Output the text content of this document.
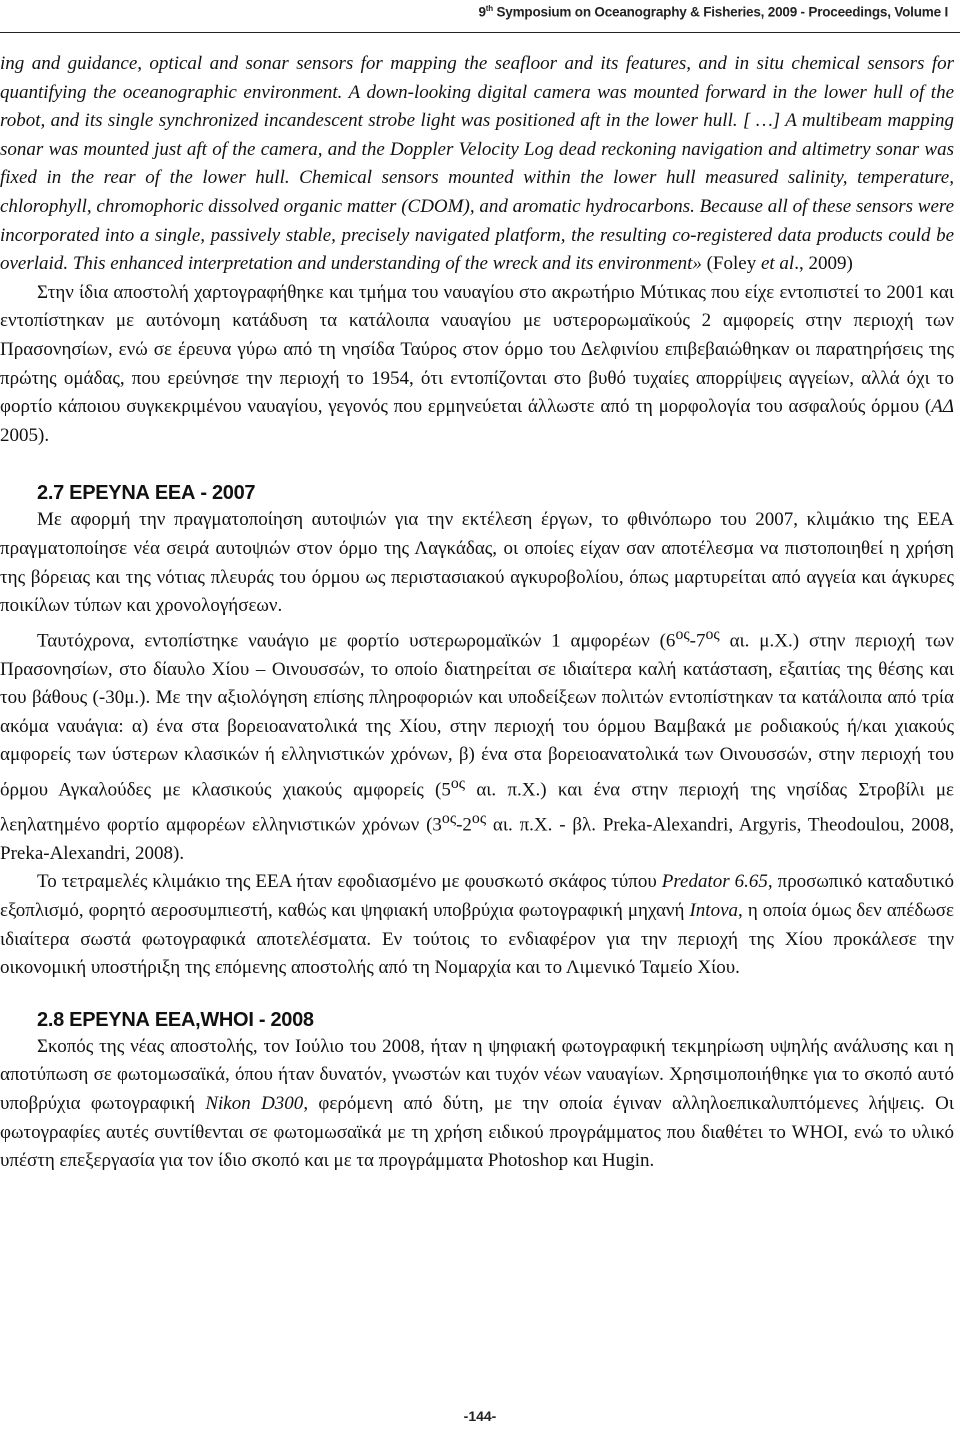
9th Symposium on Oceanography & Fisheries, 2009 - Proceedings, Volume I

ing and guidance, optical and sonar sensors for mapping the seafloor and its features, and in situ chemical sensors for quantifying the oceanographic environment. A down-looking digital camera was mounted forward in the lower hull of the robot, and its single synchronized incandescent strobe light was positioned aft in the lower hull. [ …] A multibeam mapping sonar was mounted just aft of the camera, and the Doppler Velocity Log dead reckoning navigation and altimetry sonar was fixed in the rear of the lower hull. Chemical sensors mounted within the lower hull measured salinity, temperature, chlorophyll, chromophoric dissolved organic matter (CDOM), and aromatic hydrocarbons. Because all of these sensors were incorporated into a single, passively stable, precisely navigated platform, the resulting co-registered data products could be overlaid. This enhanced interpretation and understanding of the wreck and its environment» (Foley et al., 2009)

Στην ίδια αποστολή χαρτογραφήθηκε και τμήμα του ναυαγίου στο ακρωτήριο Μύτικας που είχε εντοπιστεί το 2001 και εντοπίστηκαν με αυτόνομη κατάδυση τα κατάλοιπα ναυαγίου με υστερορωμαϊκούς 2 αμφορείς στην περιοχή των Πρασονησίων, ενώ σε έρευνα γύρω από τη νησίδα Ταύρος στον όρμο του Δελφινίου επιβεβαιώθηκαν οι παρατηρήσεις της πρώτης ομάδας, που ερεύνησε την περιοχή το 1954, ότι εντοπίζονται στο βυθό τυχαίες απορρίψεις αγγείων, αλλά όχι το φορτίο κάποιου συγκεκριμένου ναυαγίου, γεγονός που ερμηνεύεται άλλωστε από τη μορφολογία του ασφαλούς όρμου (ΑΔ 2005).

2.7 ΕΡΕΥΝΑ ΕΕΑ - 2007

Με αφορμή την πραγματοποίηση αυτοψιών για την εκτέλεση έργων, το φθινόπωρο του 2007, κλιμάκιο της ΕΕΑ πραγματοποίησε νέα σειρά αυτοψιών στον όρμο της Λαγκάδας, οι οποίες είχαν σαν αποτέλεσμα να πιστοποιηθεί η χρήση της βόρειας και της νότιας πλευράς του όρμου ως περιστασιακού αγκυροβολίου, όπως μαρτυρείται από αγγεία και άγκυρες ποικίλων τύπων και χρονολογήσεων.

Ταυτόχρονα, εντοπίστηκε ναυάγιο με φορτίο υστερωρομαϊκών 1 αμφορέων ($6^{o\varsigma}-7^{o\varsigma}$ αι. μ.Χ.) στην περιοχή των Πρασονησίων, στο δίαυλο Χίου – Οινουσσών, το οποίο διατηρείται σε ιδιαίτερα καλή κατάσταση, εξαιτίας της θέσης και του βάθους (-30μ.). Με την αξιολόγηση επίσης πληροφοριών και υποδείξεων πολιτών εντοπίστηκαν τα κατάλοιπα από τρία ακόμα ναυάγια: α) ένα στα βορειοανατολικά της Χίου, στην περιοχή του όρμου Βαμβακά με ροδιακούς ή/και χιακούς αμφορείς των ύστερων κλασικών ή ελληνιστικών χρόνων, β) ένα στα βορειοανατολικά των Οινουσσών, στην περιοχή του όρμου Αγκαλούδες με κλασικούς χιακούς αμφορείς ($5^{o\varsigma}$ αι. π.Χ.) και ένα στην περιοχή της νησίδας Στροβίλι με λεηλατημένο φορτίο αμφορέων ελληνιστικών χρόνων ($3^{o\varsigma}-2^{o\varsigma}$ αι. π.Χ. - βλ. Preka-Alexandri, Argyris, Theodoulou, 2008, Preka-Alexandri, 2008).

Το τετραμελές κλιμάκιο της ΕΕΑ ήταν εφοδιασμένο με φουσκωτό σκάφος τύπου Predator 6.65, προσωπικό καταδυτικό εξοπλισμό, φορητό αεροσυμπιεστή, καθώς και ψηφιακή υποβρύχια φωτογραφική μηχανή Intova, η οποία όμως δεν απέδωσε ιδιαίτερα σωστά φωτογραφικά αποτελέσματα. Εν τούτοις το ενδιαφέρον για την περιοχή της Χίου προκάλεσε την οικονομική υποστήριξη της επόμενης αποστολής από τη Νομαρχία και το Λιμενικό Ταμείο Χίου.

2.8 ΕΡΕΥΝΑ ΕΕΑ,WHOI - 2008

Σκοπός της νέας αποστολής, τον Ιούλιο του 2008, ήταν η ψηφιακή φωτογραφική τεκμηρίωση υψηλής ανάλυσης και η αποτύπωση σε φωτομωσαϊκά, όπου ήταν δυνατόν, γνωστών και τυχόν νέων ναυαγίων. Χρησιμοποιήθηκε για το σκοπό αυτό υποβρύχια φωτογραφική Nikon D300, φερόμενη από δύτη, με την οποία έγιναν αλληλοεπικαλυπτόμενες λήψεις. Οι φωτογραφίες αυτές συντίθενται σε φωτομωσαϊκά με τη χρήση ειδικού προγράμματος που διαθέτει το WHOI, ενώ το υλικό υπέστη επεξεργασία για τον ίδιο σκοπό και με τα προγράμματα Photoshop και Hugin.

-144-
